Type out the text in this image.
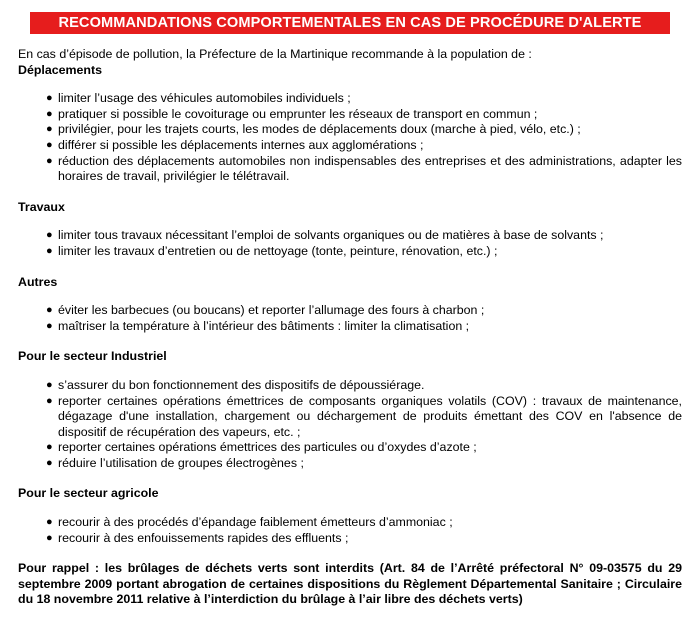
RECOMMANDATIONS COMPORTEMENTALES EN CAS DE PROCÉDURE D'ALERTE
En cas d’épisode de pollution, la Préfecture de la Martinique recommande à la population de :
Déplacements
● limiter l’usage des véhicules automobiles individuels ;
● pratiquer si possible le covoiturage ou emprunter les réseaux de transport en commun ;
● privilégier, pour les trajets courts, les modes de déplacements doux (marche à pied, vélo, etc.) ;
● différer si possible les déplacements internes aux agglomérations ;
● réduction des déplacements automobiles non indispensables des entreprises et des administrations, adapter les horaires de travail, privilégier le télétravail.
Travaux
● limiter tous travaux nécessitant l’emploi de solvants organiques ou de matières à base de solvants ;
● limiter les travaux d’entretien ou de nettoyage (tonte, peinture, rénovation, etc.) ;
Autres
● éviter les barbecues (ou boucans) et reporter l’allumage des fours à charbon ;
● maîtriser la température à l’intérieur des bâtiments : limiter la climatisation ;
Pour le secteur Industriel
● s’assurer du bon fonctionnement des dispositifs de dépoussiérage.
● reporter certaines opérations émettrices de composants organiques volatils (COV) : travaux de maintenance, dégazage d'une installation, chargement ou déchargement de produits émettant des COV en l'absence de dispositif de récupération des vapeurs, etc. ;
● reporter certaines opérations émettrices des particules ou d’oxydes d’azote ;
● réduire l’utilisation de groupes électrogènes ;
Pour le secteur agricole
● recourir à des procédés d’épandage faiblement émetteurs d’ammoniac ;
● recourir à des enfouissements rapides des effluents ;
Pour rappel : les brûlages de déchets verts sont interdits (Art. 84 de l’Arrêté préfectoral N° 09-03575 du 29 septembre 2009 portant abrogation de certaines dispositions du Règlement Départemental Sanitaire ; Circulaire du 18 novembre 2011 relative à l’interdiction du brûlage à l’air libre des déchets verts)
